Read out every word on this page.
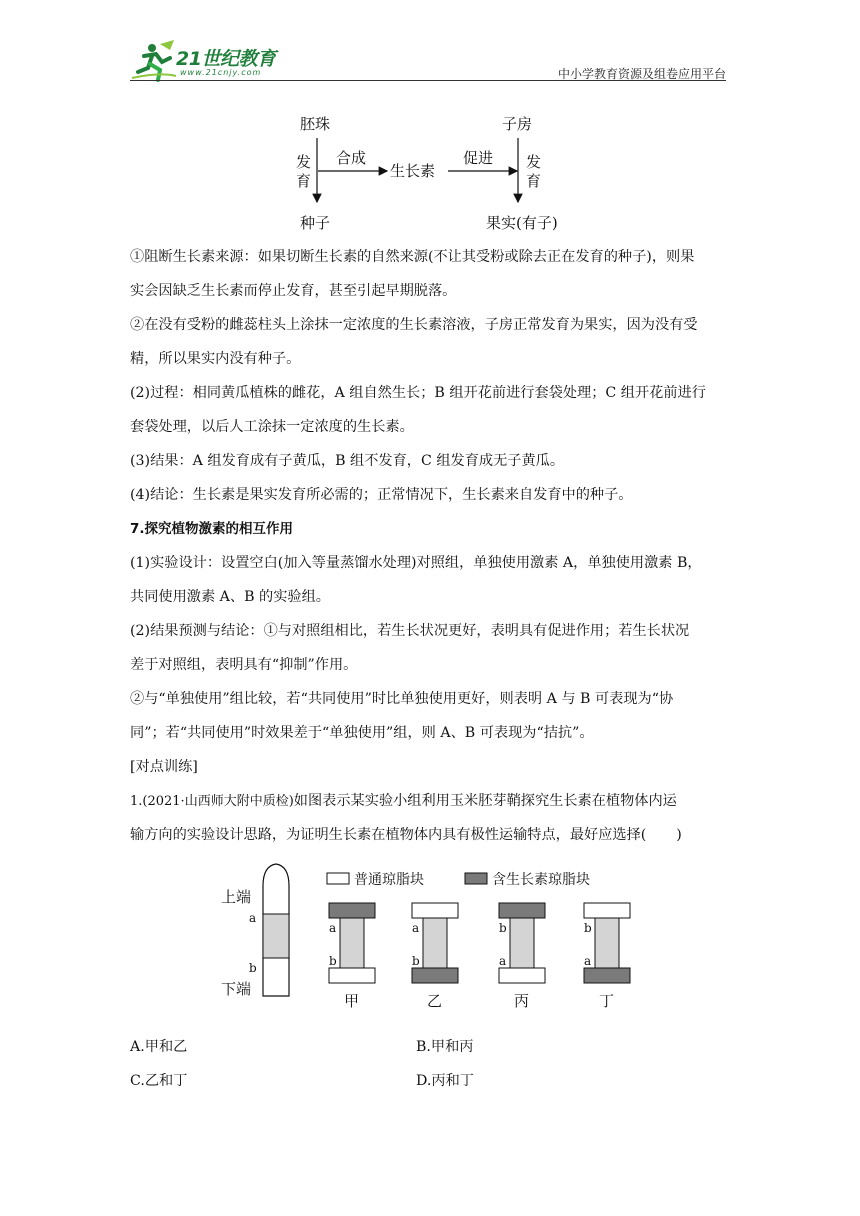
21世纪教育
www.21cnjy.com	中小学教育资源及组卷应用平台
胚珠	子房
发
育
发
育
合成
生长素
促进
种子	果实(有子)
①阻断生长素来源：如果切断生长素的自然来源(不让其受粉或除去正在发育的种子)，则果
实会因缺乏生长素而停止发育，甚至引起早期脱落。
②在没有受粉的雌蕊柱头上涂抹一定浓度的生长素溶液，子房正常发育为果实，因为没有受
精，所以果实内没有种子。
(2)过程：相同黄瓜植株的雌花，A 组自然生长；B 组开花前进行套袋处理；C 组开花前进行
套袋处理，以后人工涂抹一定浓度的生长素。
(3)结果：A 组发育成有子黄瓜，B 组不发育，C 组发育成无子黄瓜。
(4)结论：生长素是果实发育所必需的；正常情况下，生长素来自发育中的种子。
7.探究植物激素的相互作用
(1)实验设计：设置空白(加入等量蒸馏水处理)对照组，单独使用激素 A，单独使用激素 B，
共同使用激素 A、B 的实验组。
(2)结果预测与结论：①与对照组相比，若生长状况更好，表明具有促进作用；若生长状况
差于对照组，表明具有“抑制”作用。
②与“单独使用”组比较，若“共同使用”时比单独使用更好，则表明 A 与 B 可表现为“协
同”；若“共同使用”时效果差于“单独使用”组，则 A、B 可表现为“拮抗”。
[对点训练]
1.(2021·山西师大附中质检)如图表示某实验小组利用玉米胚芽鞘探究生长素在植物体内运
输方向的实验设计思路，为证明生长素在植物体内具有极性运输特点，最好应选择( )
上端
下端
a
b
普通琼脂块	含生长素琼脂块
a
b
甲
a
b
乙
b
a
丙
b
a
丁
A.甲和乙	B.甲和丙
C.乙和丁	D.丙和丁
